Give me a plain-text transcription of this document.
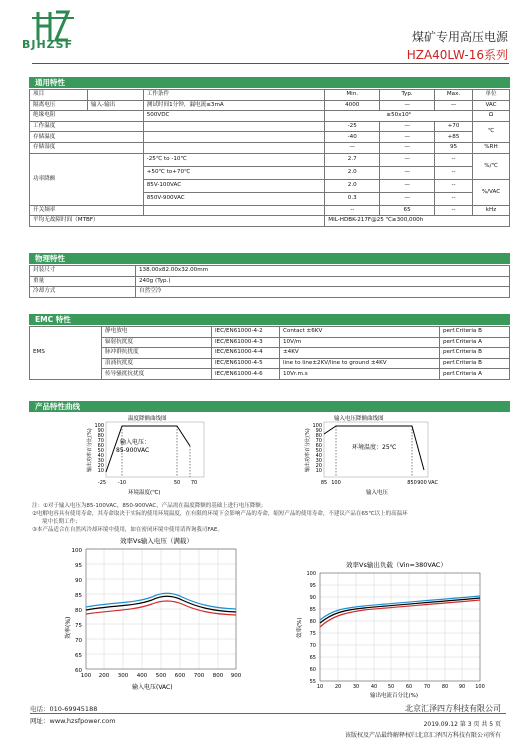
BJHZSF
煤矿专用高压电源
HZA40LW-16系列
通用特性
项目		工作条件	Min.	Typ.	Max.	单位
隔离电压	输入-输出	测试时间1分钟，漏电流≤3mA	4000	—	—	VAC
绝缘电阻		500VDC	≥50x10⁶			Ω
工作温度			-25	—	+70	℃
存储温度			-40	—	+85	
存储湿度			—	—	95	%RH
功率降额		-25℃ to -10℃	2.7	—	--	%/℃
		+50℃ to+70℃	2.0	—	--	
		85V-100VAC	2.0	—	--	%/VAC
		850V-900VAC	0.3	—	--	
开关频率			--	65	--	kHz
平均无故障时间（MTBF）			MIL-HDBK-217F@25 ℃≥300,000h			
物理特性
封装尺寸	138.00x82.00x32.00mm
重量	240g (Typ.)
冷却方式	自然空冷
EMC 特性
EMS	静电放电	IEC/EN61000-4-2	Contact ±6KV	perf.Criteria B
	辐射抗扰度	IEC/EN61000-4-3	10V/m	perf.Criteria A
	脉冲群抗扰度	IEC/EN61000-4-4	±4KV	perf.Criteria B
	浪涌抗扰度	IEC/EN61000-4-5	line to line±2KV/line to ground ±4KV	perf.Criteria B
	传导骚扰抗扰度	IEC/EN61000-4-6	10Vr.m.s	perf.Criteria A
产品特性曲线
温度降额曲线图
输出功率百分比(%)
100
90
80
70
60
50
40
30
20
10
输入电压：
85-900VAC
-25 -10	50 70
环境温度(℃)
输入电压降额曲线图
输出功率百分比(%)
100
90
80
70
60
50
40
30
20
10
环境温度：25℃
85 100	850 900 VAC
输入电压
注：①对于输入电压为85-100VAC，850-900VAC，产品需在温度降额的基础上进行电压降额；
②电解电容具有使用寿命，其寿命取决于实际的使用环境温度，在有限的环境下会影响产品的寿命，缩短产品的使用寿命，不建议产品在65℃以上的高温环
境中长期工作；
③本产品适合在自然风冷却环境中使用，如在密闭环境中使用请咨询我司FAE。
效率Vs输入电压（满载）
效率(%)
100
95
90
85
80
75
70
65
60
100 200 300 400 500 600 700 800 900
输入电压(VAC)
效率Vs输出负载（Vin=380VAC）
效率(%)
100
95
90
85
80
75
70
65
60
55
10 20 30 40 50 60 70 80 90 100
输出电流百分比(%)
电话：010-69945188
网址：www.hzsfpower.com
北京汇泽四方科技有限公司
2019.09.12 第 3 页 共 5 页
该版权及产品最终解释权归北京汇泽四方科技有限公司所有
